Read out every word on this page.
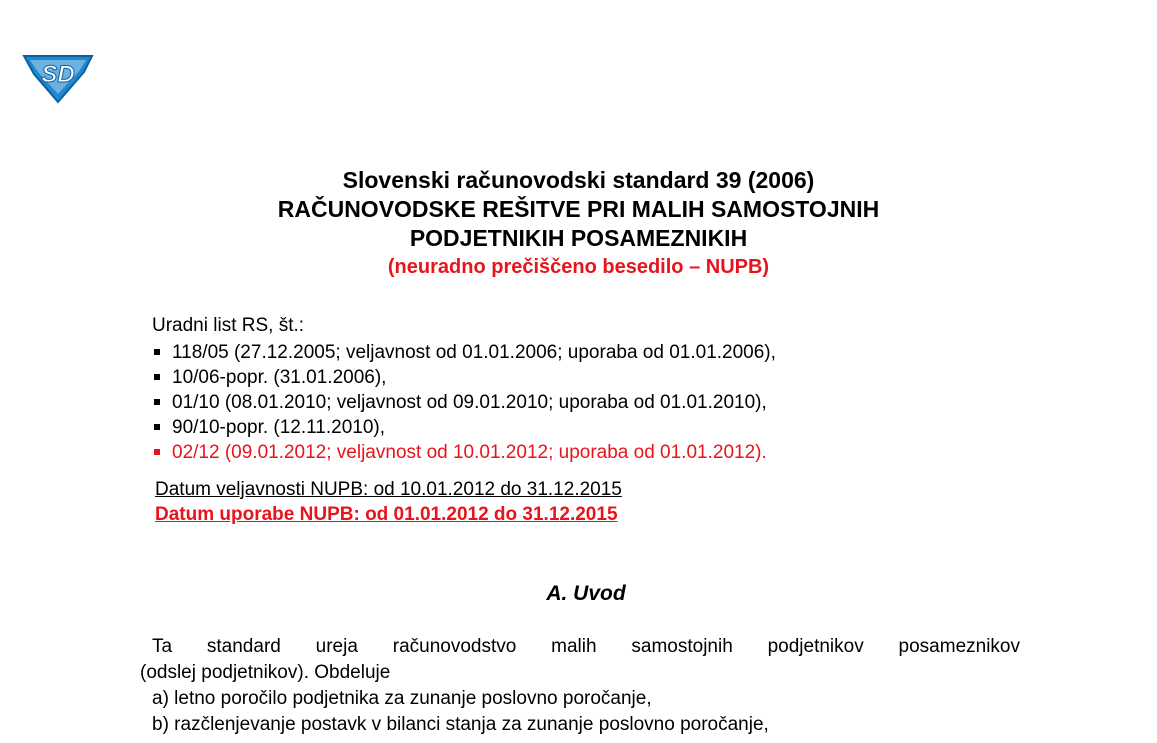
SD
Slovenski računovodski standard 39 (2006)
RAČUNOVODSKE REŠITVE PRI MALIH SAMOSTOJNIH
PODJETNIKIH POSAMEZNIKIH
(neuradno prečiščeno besedilo – NUPB)
Uradni list RS, št.:
118/05 (27.12.2005; veljavnost od 01.01.2006; uporaba od 01.01.2006),
10/06-popr. (31.01.2006),
01/10 (08.01.2010; veljavnost od 09.01.2010; uporaba od 01.01.2010),
90/10-popr. (12.11.2010),
02/12 (09.01.2012; veljavnost od 10.01.2012; uporaba od 01.01.2012).
Datum veljavnosti NUPB: od 10.01.2012 do 31.12.2015
Datum uporabe NUPB: od 01.01.2012 do 31.12.2015
A. Uvod
Ta standard ureja računovodstvo malih samostojnih podjetnikov posameznikov
(odslej podjetnikov). Obdeluje
a) letno poročilo podjetnika za zunanje poslovno poročanje,
b) razčlenjevanje postavk v bilanci stanja za zunanje poslovno poročanje,
